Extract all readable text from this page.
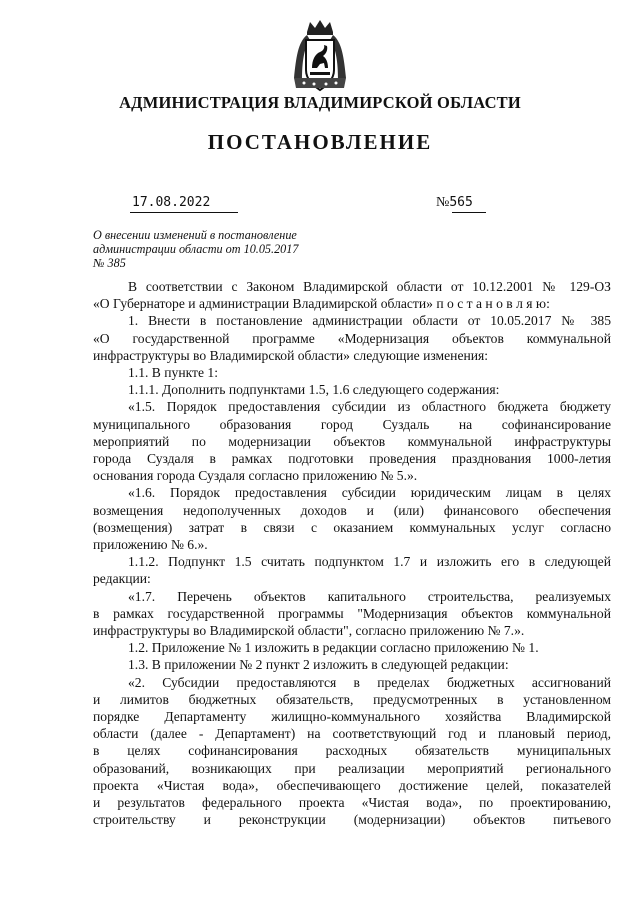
АДМИНИСТРАЦИЯ ВЛАДИМИРСКОЙ ОБЛАСТИ
ПОСТАНОВЛЕНИЕ
17.08.2022	№565
О внесении изменений в постановление
администрации области от 10.05.2017
№ 385

В соответствии с Законом Владимирской области от 10.12.2001 № 129-ОЗ

«О Губернаторе и администрации Владимирской области» п о с т а н о в л я ю:

1. Внести в постановление администрации области от 10.05.2017 № 385

«О государственной программе «Модернизация объектов коммунальной

инфраструктуры во Владимирской области» следующие изменения:

1.1. В пункте 1:

1.1.1. Дополнить подпунктами 1.5, 1.6 следующего содержания:

«1.5. Порядок предоставления субсидии из областного бюджета бюджету

муниципального образования город Суздаль на софинансирование

мероприятий по модернизации объектов коммунальной инфраструктуры

города Суздаля в рамках подготовки проведения празднования 1000-летия

основания города Суздаля согласно приложению № 5.».

«1.6. Порядок предоставления субсидии юридическим лицам в целях

возмещения недополученных доходов и (или) финансового обеспечения

(возмещения) затрат в связи с оказанием коммунальных услуг согласно

приложению № 6.».

1.1.2. Подпункт 1.5 считать подпунктом 1.7 и изложить его в следующей

редакции:

«1.7. Перечень объектов капитального строительства, реализуемых

в рамках государственной программы "Модернизация объектов коммунальной

инфраструктуры во Владимирской области", согласно приложению № 7.».

1.2. Приложение № 1 изложить в редакции согласно приложению № 1.

1.3. В приложении № 2 пункт 2 изложить в следующей редакции:

«2. Субсидии предоставляются в пределах бюджетных ассигнований

и лимитов бюджетных обязательств, предусмотренных в установленном

порядке Департаменту жилищно-коммунального хозяйства Владимирской

области (далее - Департамент) на соответствующий год и плановый период,

в целях софинансирования расходных обязательств муниципальных

образований, возникающих при реализации мероприятий регионального

проекта «Чистая вода», обеспечивающего достижение целей, показателей

и результатов федерального проекта «Чистая вода», по проектированию,

строительству и реконструкции (модернизации) объектов питьевого
